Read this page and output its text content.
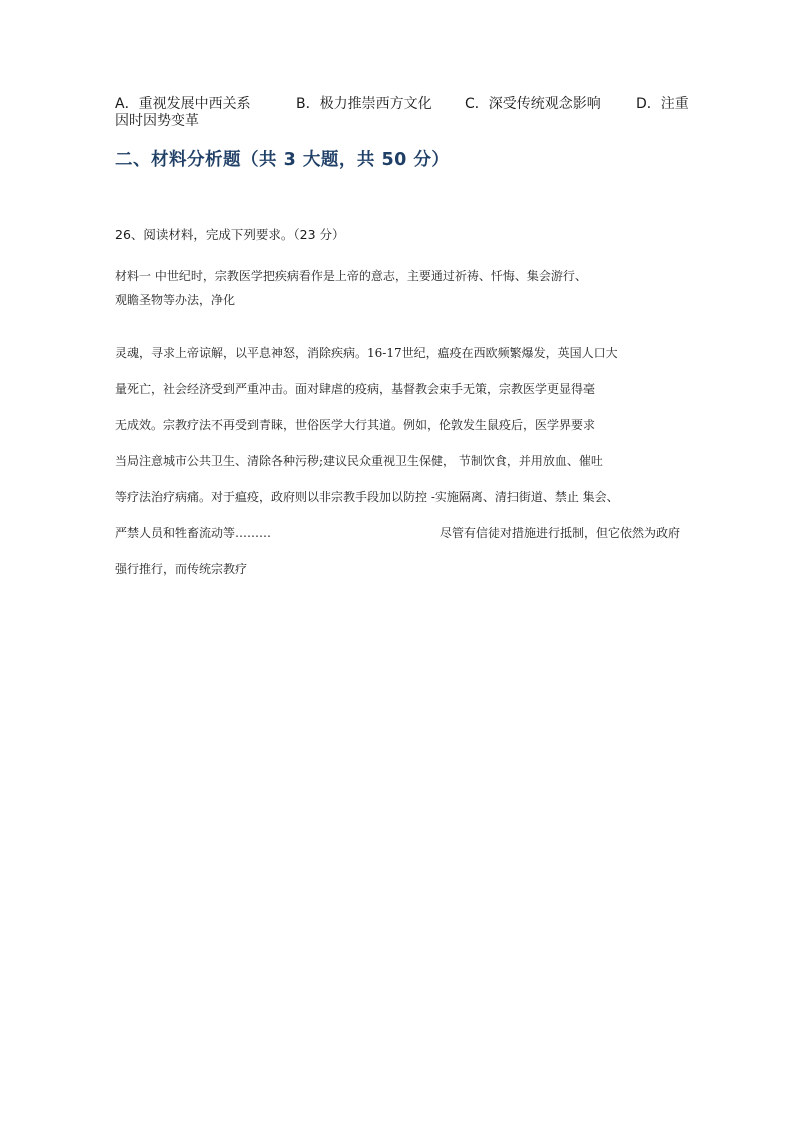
A．重视发展中西关系	B．极力推崇西方文化 C．深受传统观念影响	D．注重
因时因势变革
二、材料分析题（共 3 大题，共 50 分）
26、阅读材料，完成下列要求。（23 分）
材料一 中世纪时，宗教医学把疾病看作是上帝的意志，主要通过祈祷、忏悔、集会游行、
观瞻圣物等办法，净化
灵魂，寻求上帝谅解，以平息神怒，消除疾病。16-17世纪，瘟疫在西欧频繁爆发，英国人口大
量死亡，社会经济受到严重冲击。面对肆虐的疫病，基督教会束手无策，宗教医学更显得毫
无成效。宗教疗法不再受到青睐，世俗医学大行其道。例如，伦敦发生鼠疫后，医学界要求
当局注意城市公共卫生、清除各种污秽;建议民众重视卫生保健， 节制饮食，并用放血、催吐
等疗法治疗病痛。对于瘟疫，政府则以非宗教手段加以防控 -实施隔离、清扫街道、禁止 集会、
严禁人员和牲畜流动等………	尽管有信徒对措施进行抵制，但它依然为政府
强行推行，而传统宗教疗
